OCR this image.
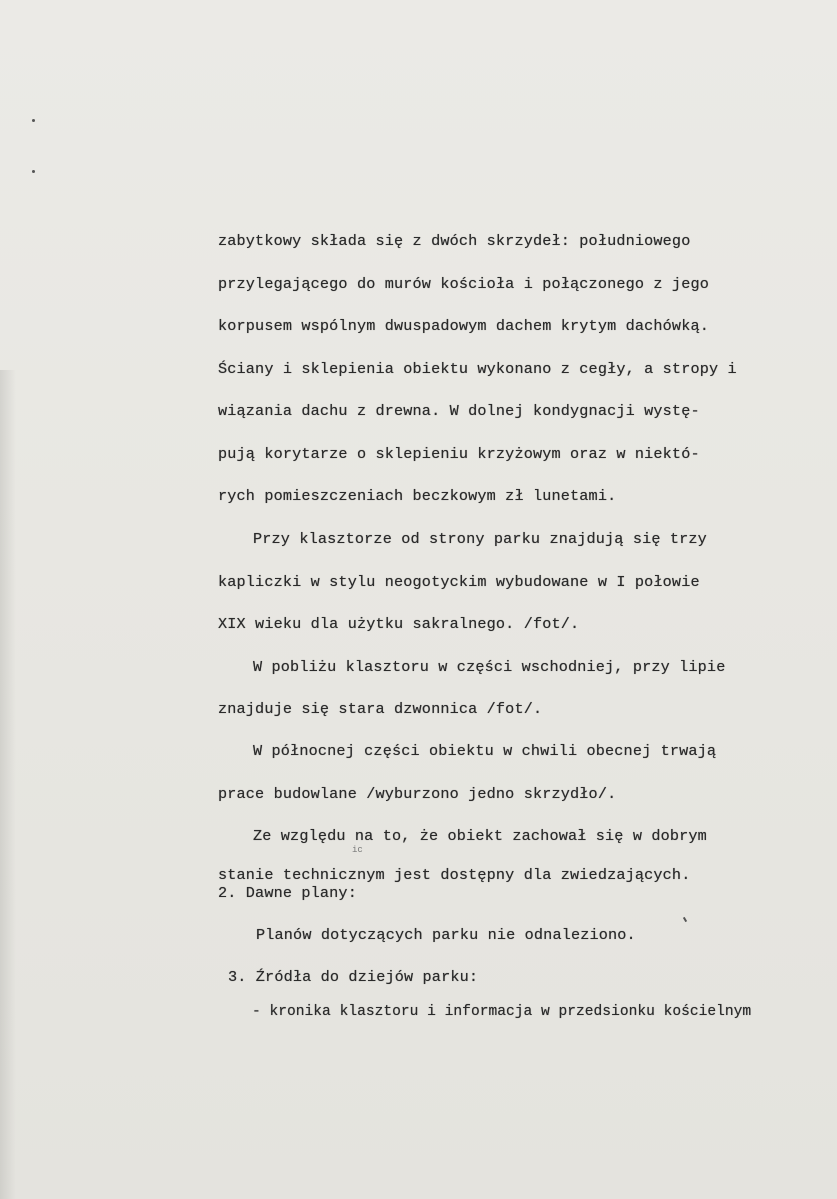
zabytkowy składa się z dwóch skrzydeł: południowego
przylegającego do murów kościoła i połączonego z jego
korpusem wspólnym dwuspadowym dachem krytym dachówką.
Ściany i sklepienia obiektu wykonano z cegły, a stropy i
wiązania dachu z drewna. W dolnej kondygnacji wystę-
pują korytarze o sklepieniu krzyżowym oraz w niektó-
rych pomieszczeniach beczkowym zł lunetami.
Przy klasztorze od strony parku znajdują się trzy
kapliczki w stylu neogotyckim wybudowane w I połowie
XIX wieku dla użytku sakralnego. /fot/.
W pobliżu klasztoru w części wschodniej, przy lipie
znajduje się stara dzwonnica /fot/.
W północnej części obiektu w chwili obecnej trwają
prace budowlane /wyburzono jedno skrzydło/.
Ze względu na to, że obiekt zachował się w dobrym
ic
stanie technicznym jest dostępny dla zwiedzających.
2. Dawne plany:
Planów dotyczących parku nie odnaleziono.
3. Źródła do dziejów parku:
- kronika klasztoru i informacja w przedsionku kościelnym
